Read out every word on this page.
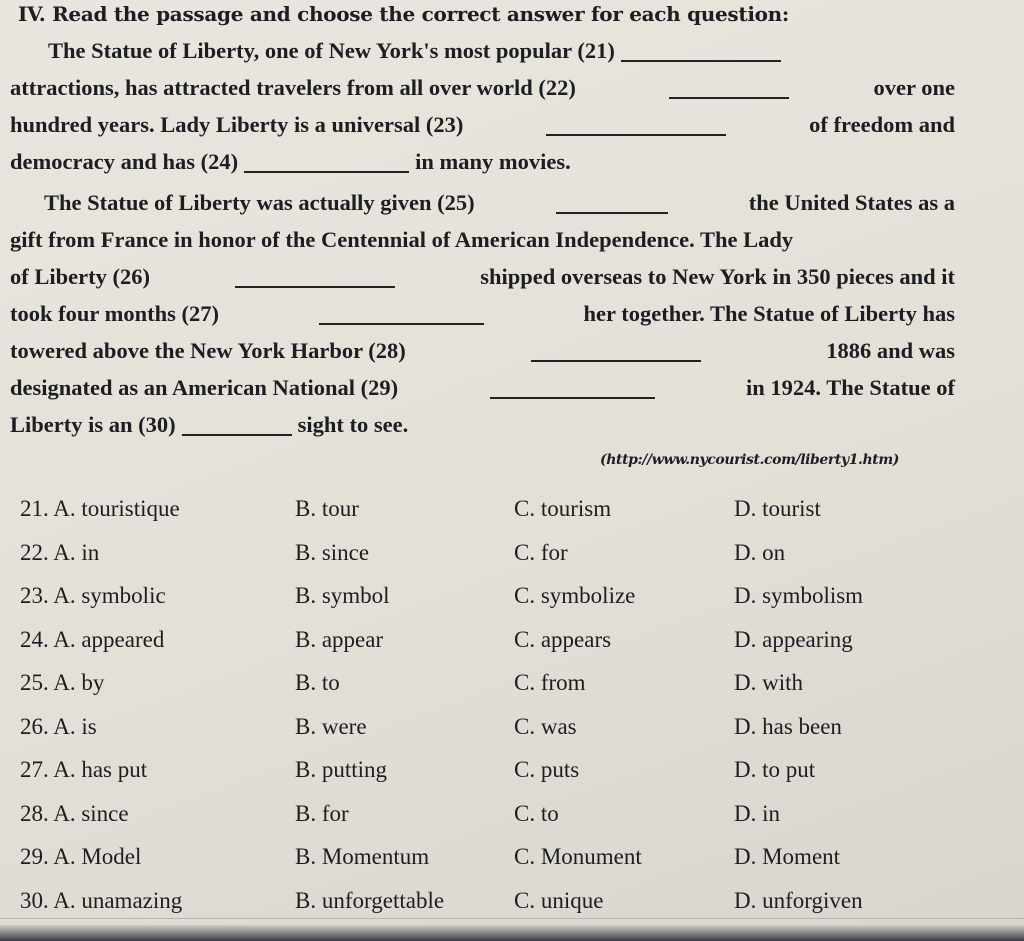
IV. Read the passage and choose the correct answer for each question:
The Statue of Liberty, one of New York's most popular (21)
attractions, has attracted travelers from all over world (22)	over one
hundred years. Lady Liberty is a universal (23)	of freedom and
democracy and has (24)	in many movies.
The Statue of Liberty was actually given (25)	the United States as a
gift from France in honor of the Centennial of American Independence. The Lady
of Liberty (26)	shipped overseas to New York in 350 pieces and it
took four months (27)	her together. The Statue of Liberty has
towered above the New York Harbor (28)	1886 and was
designated as an American National (29)	in 1924. The Statue of
Liberty is an (30)	sight to see.
(http://www.nycourist.com/liberty1.htm)
21. A. touristique	B. tour	C. tourism	D. tourist
22. A. in	B. since	C. for	D. on
23. A. symbolic	B. symbol	C. symbolize	D. symbolism
24. A. appeared	B. appear	C. appears	D. appearing
25. A. by	B. to	C. from	D. with
26. A. is	B. were	C. was	D. has been
27. A. has put	B. putting	C. puts	D. to put
28. A. since	B. for	C. to	D. in
29. A. Model	B. Momentum	C. Monument	D. Moment
30. A. unamazing	B. unforgettable	C. unique	D. unforgiven
